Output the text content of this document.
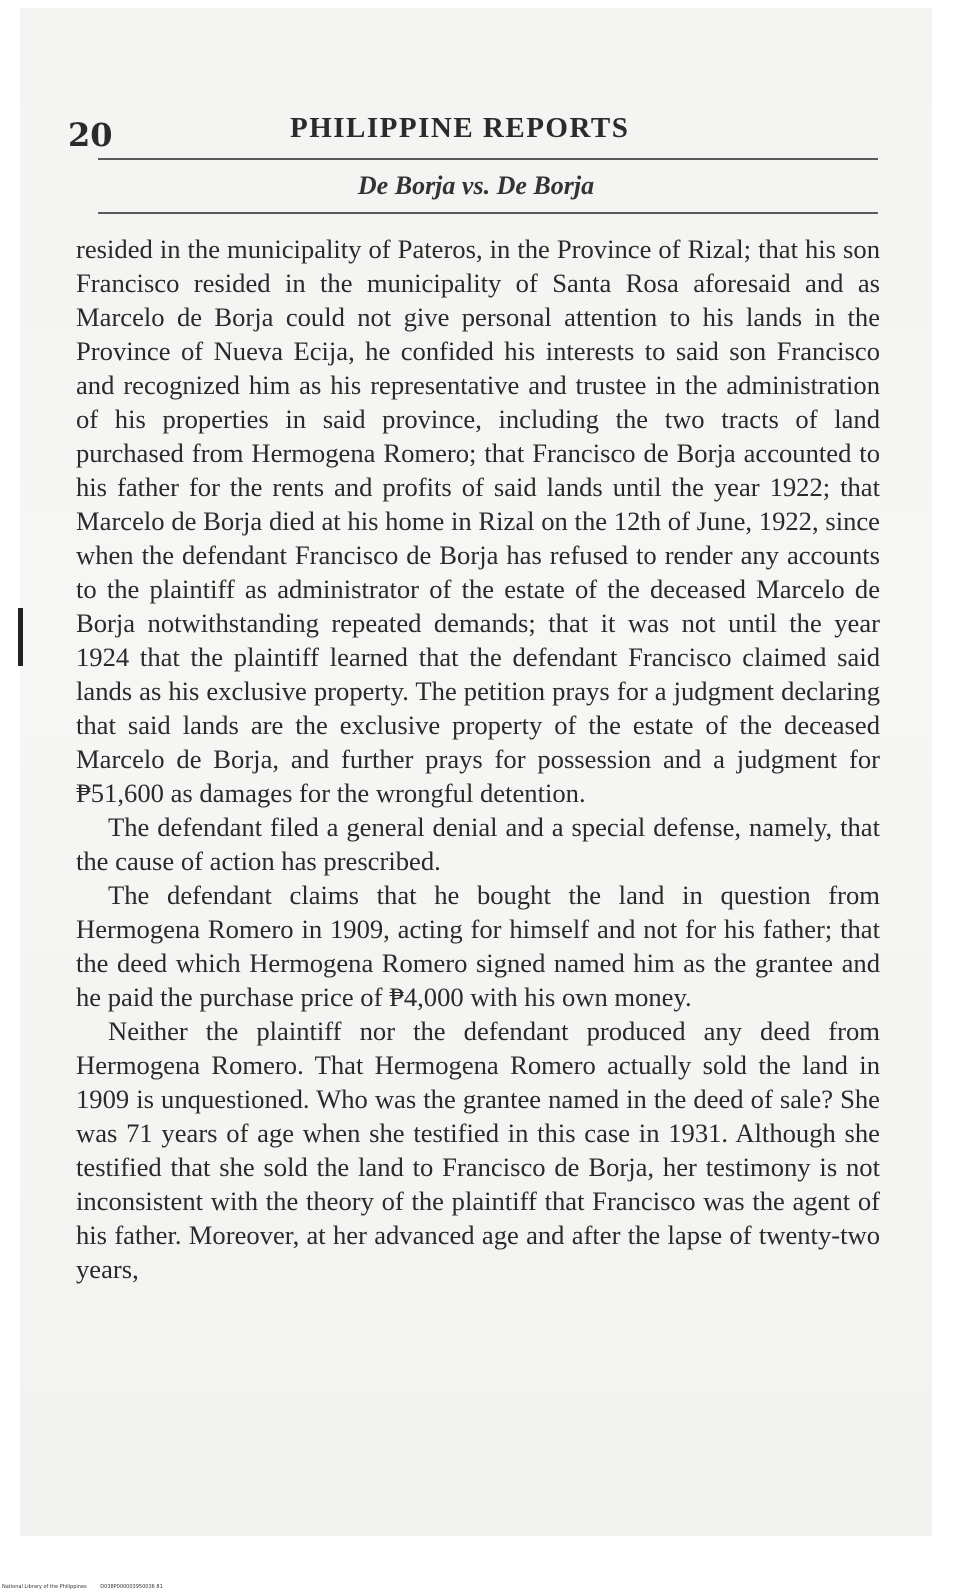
20	PHILIPPINE REPORTS
De Borja vs. De Borja

resided in the municipality of Pateros, in the Province of Rizal; that his son Francisco resided in the municipality of Santa Rosa aforesaid and as Marcelo de Borja could not give personal attention to his lands in the Province of Nueva Ecija, he confided his interests to said son Francisco and recognized him as his representative and trustee in the administration of his properties in said province, including the two tracts of land purchased from Hermogena Romero; that Francisco de Borja accounted to his father for the rents and profits of said lands until the year 1922; that Marcelo de Borja died at his home in Rizal on the 12th of June, 1922, since when the defendant Francisco de Borja has refused to render any accounts to the plaintiff as administrator of the estate of the deceased Marcelo de Borja notwithstanding repeated demands; that it was not until the year 1924 that the plaintiff learned that the defendant Francisco claimed said lands as his exclusive property. The petition prays for a judgment declaring that said lands are the exclusive property of the estate of the deceased Marcelo de Borja, and further prays for possession and a judgment for ₱51,600 as damages for the wrongful detention.

The defendant filed a general denial and a special defense, namely, that the cause of action has prescribed.

The defendant claims that he bought the land in question from Hermogena Romero in 1909, acting for himself and not for his father; that the deed which Hermogena Romero signed named him as the grantee and he paid the purchase price of ₱4,000 with his own money.

Neither the plaintiff nor the defendant produced any deed from Hermogena Romero. That Hermogena Romero actually sold the land in 1909 is unquestioned. Who was the grantee named in the deed of sale? She was 71 years of age when she testified in this case in 1931. Although she testified that she sold the land to Francisco de Borja, her testimony is not inconsistent with the theory of the plaintiff that Francisco was the agent of his father. Moreover, at her advanced age and after the lapse of twenty-two years,

National Library of the Philippines	D038P000003950036 81
